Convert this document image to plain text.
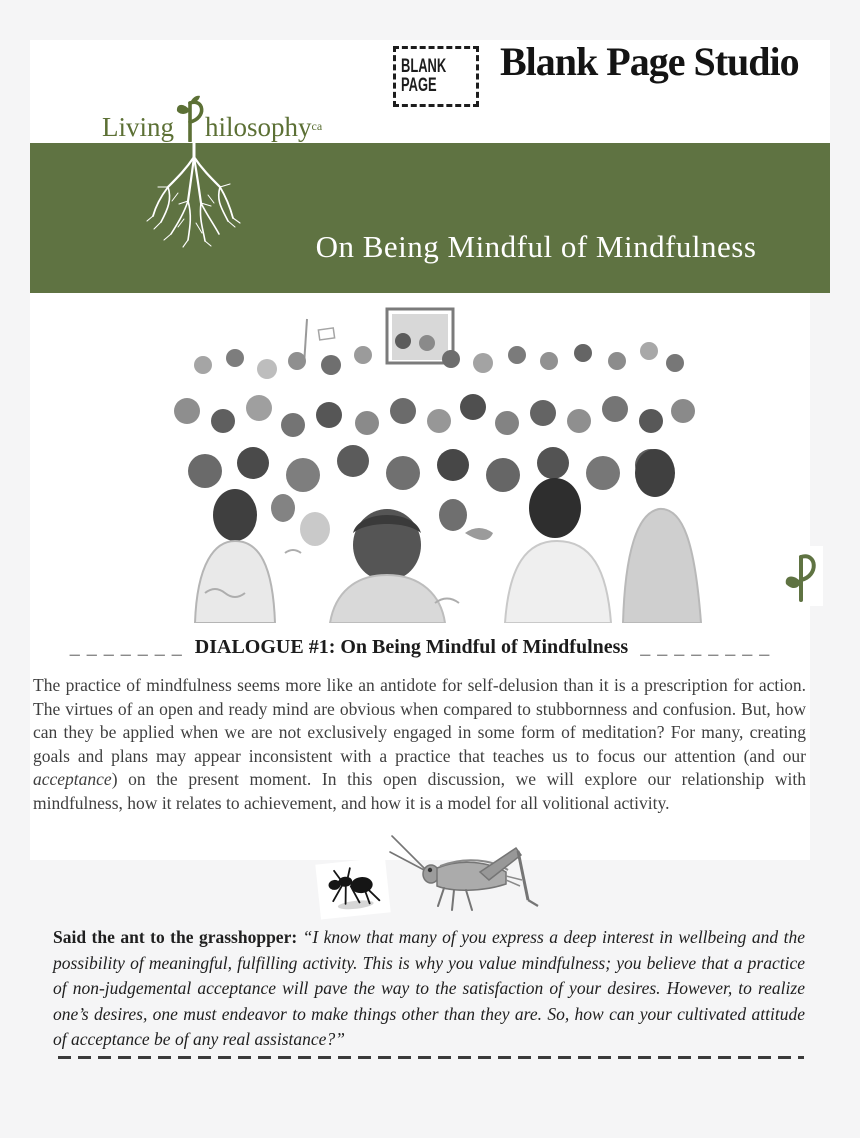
BLANK
PAGE
Blank Page Studio
Living hilosophy ca
On Being Mindful of Mindfulness
_ _ _ _ _ _ _ DIALOGUE #1: On Being Mindful of Mindfulness _ _ _ _ _ _ _ _

The practice of mindfulness seems more like an antidote for self-delusion than it is a prescription for action. The virtues of an open and ready mind are obvious when compared to stubbornness and confusion. But, how can they be applied when we are not exclusively engaged in some form of meditation? For many, creating goals and plans may appear inconsistent with a practice that teaches us to focus our attention (and our acceptance) on the present moment. In this open discussion, we will explore our relationship with mindfulness, how it relates to achievement, and how it is a model for all volitional activity.

Said the ant to the grasshopper: “I know that many of you express a deep interest in wellbeing and the possibility of meaningful, fulfilling activity. This is why you value mindfulness; you believe that a practice of non-judgemental acceptance will pave the way to the satisfaction of your desires. However, to realize one’s desires, one must endeavor to make things other than they are. So, how can your cultivated attitude of acceptance be of any real assistance?”
